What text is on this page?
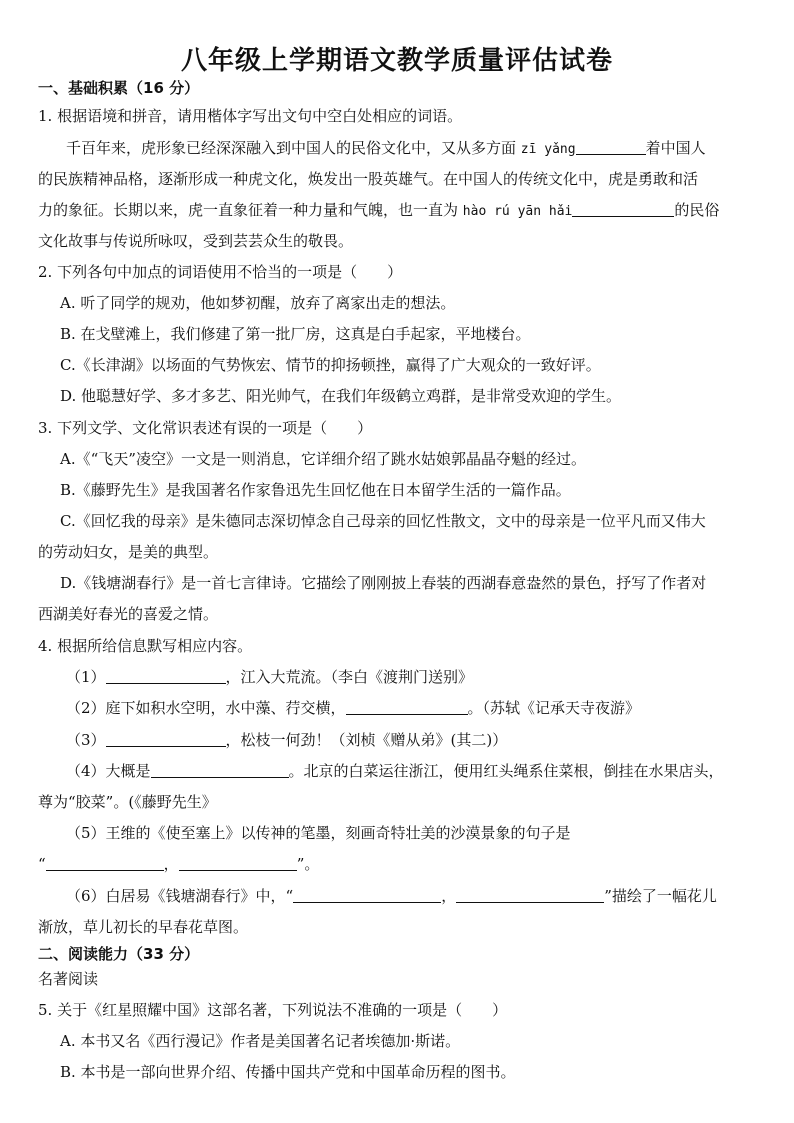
八年级上学期语文教学质量评估试卷
一、基础积累（16 分）
1. 根据语境和拼音，请用楷体字写出文句中空白处相应的词语。
千百年来，虎形象已经深深融入到中国人的民俗文化中，又从多方面 zī yǎng	着中国人
的民族精神品格，逐渐形成一种虎文化，焕发出一股英雄气。在中国人的传统文化中，虎是勇敢和活
力的象征。长期以来，虎一直象征着一种力量和气魄，也一直为 hào rú yān hǎi	的民俗
文化故事与传说所咏叹，受到芸芸众生的敬畏。
2. 下列各句中加点的词语使用不恰当的一项是（　　）
A. 听了同学的规劝，他如梦初醒，放弃了离家出走的想法。
B. 在戈壁滩上，我们修建了第一批厂房，这真是白手起家，平地楼台。
C.《长津湖》以场面的气势恢宏、情节的抑扬顿挫，赢得了广大观众的一致好评。
D. 他聪慧好学、多才多艺、阳光帅气，在我们年级鹤立鸡群，是非常受欢迎的学生。
3. 下列文学、文化常识表述有误的一项是（　　）
A.《“飞天”凌空》一文是一则消息，它详细介绍了跳水姑娘郭晶晶夺魁的经过。
B.《藤野先生》是我国著名作家鲁迅先生回忆他在日本留学生活的一篇作品。
C.《回忆我的母亲》是朱德同志深切悼念自己母亲的回忆性散文，文中的母亲是一位平凡而又伟大
的劳动妇女，是美的典型。
D.《钱塘湖春行》是一首七言律诗。它描绘了刚刚披上春装的西湖春意盎然的景色，抒写了作者对
西湖美好春光的喜爱之情。
4. 根据所给信息默写相应内容。
（1）	，江入大荒流。（李白《渡荆门送别》
（2）庭下如积水空明，水中藻、荇交横，	。（苏轼《记承天寺夜游》
（3）	，松枝一何劲！（刘桢《赠从弟》(其二)）
（4）大概是	。北京的白菜运往浙江，便用红头绳系住菜根，倒挂在水果店头，
尊为“胶菜”。(《藤野先生》
（5）王维的《使至塞上》以传神的笔墨，刻画奇特壮美的沙漠景象的句子是
“	，	”。
（6）白居易《钱塘湖春行》中，“	，	”描绘了一幅花儿
渐放，草儿初长的早春花草图。
二、阅读能力（33 分）
名著阅读
5. 关于《红星照耀中国》这部名著，下列说法不准确的一项是（　　）
A. 本书又名《西行漫记》作者是美国著名记者埃德加·斯诺。
B. 本书是一部向世界介绍、传播中国共产党和中国革命历程的图书。
